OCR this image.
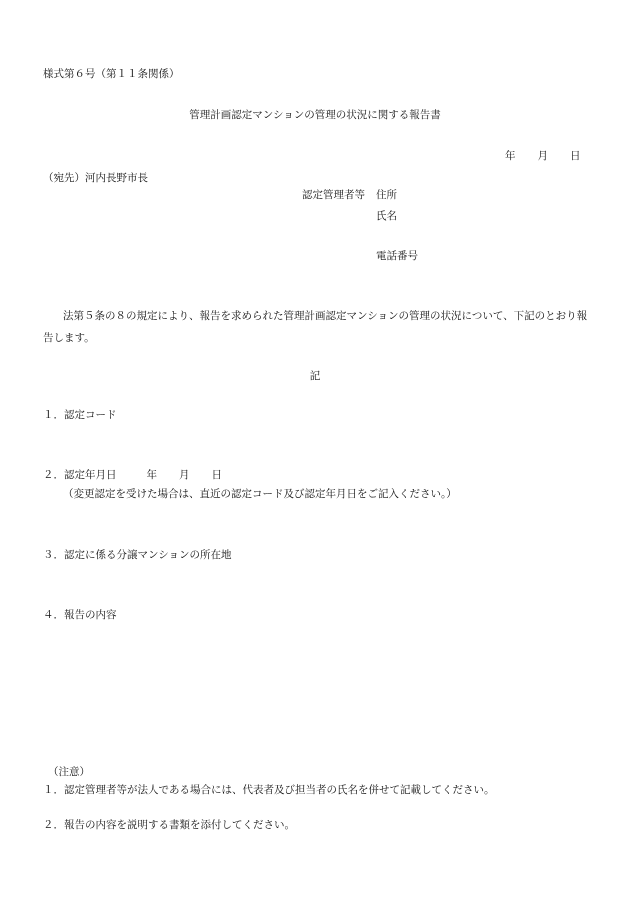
様式第６号（第１１条関係）
管理計画認定マンションの管理の状況に関する報告書
年 月 日
（宛先）河内長野市長
認定管理者等 住所
氏名
電話番号
法第５条の８の規定により、報告を求められた管理計画認定マンションの管理の状況について、下記のとおり報告します。
記
１．認定コード
２．認定年月日	年 月 日
（変更認定を受けた場合は、直近の認定コード及び認定年月日をご記入ください。）
３．認定に係る分譲マンションの所在地
４．報告の内容
（注意）
１．認定管理者等が法人である場合には、代表者及び担当者の氏名を併せて記載してください。
２．報告の内容を説明する書類を添付してください。
